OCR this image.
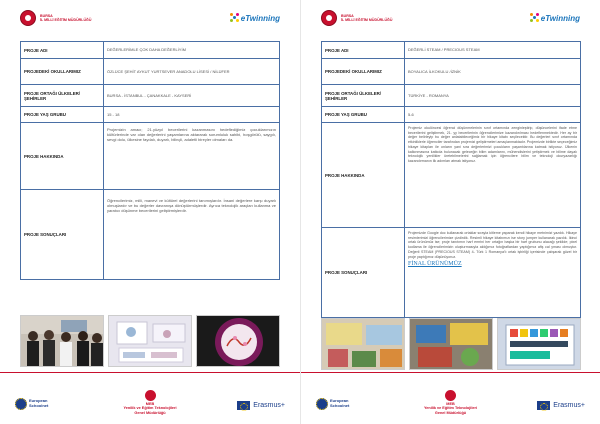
BURSA
İL MİLLİ EĞİTİM MÜDÜRLÜĞÜ	eTwinning
PROJE ADI	DEĞERLERİMLE ÇOK DAHA DEĞERLİYİM
PROJEDEKİ OKULLARIMIZ	ÖZLÜCE ŞEHİT AYKUT YURTSEVER ANADOLU LİSESİ / NİLÜFER
PROJE ORTAĞI ÜLKELER/ŞEHİRLER	BURSA - İSTANBUL - ÇANAKKALE - KAYSERİ
PROJE YAŞ GRUBU	15 - 18
PROJE HAKKINDA	Projemizin amacı; 21.yüzyıl becerilerini kazanmasını hedeflediğimiz çocuklarımızın kültürlerinde var olan değerlerini yaşamlarına aktararak sorumluluk sahibi, hoşgörülü, saygılı, sevgi dolu, ülkesine faydalı, duyarlı, bilinçli, adaletli bireyler olmaları da.
PROJE SONUÇLARI	Öğrencilerimiz, milli, manevi ve kültürel değerlerini tanımışlardır. İnsani değerlere karşı duyarlı olmuşlardır ve bu değerler davranışa dönüştürmüşlerdir. Ayrıca teknolojik araçları kullanma ve yaratıcı düşünme becerilerini geliştirmişlerdir.
European
Schoolnet	MEB
Yenilik ve Eğitim Teknolojileri
Genel Müdürlüğü
Erasmus+
BURSA
İL MİLLİ EĞİTİM MÜDÜRLÜĞÜ	eTwinning
PROJE ADI	DEĞERLİ STEAM / PRECIOUS STEAM
PROJEDEKİ OKULLARIMIZ	BOYALICA İLKOKULU /İZNİK
PROJE ORTAĞI ÜLKELER/ŞEHİRLER	TÜRKİYE - ROMANYA
PROJE YAŞ GRUBU	5-6
PROJE HAKKINDA	Projemiz okulöncesi öğrenci düşünmelerinin sınıf ortamında zenginleştirip, düşüncelerini ifade etme becerilerini geliştirmek, 21. yy becerilerinin öğrencilerimize kazandırılması hedeflenmektedir. Her ay bir değer belirleyip bu değer anlatabileceğimiz bir hikaye kitabı seçilecektir. Bu değerleri sınıf ortamında etkinliklerle öğrenciler tarafından projemizi geliştirmeleri amaçlanmaktadır. Projemizde birlikte seçeceğimiz hikaye kitapları ile onların yani sıra değerlerimizi çocukların yaşantılarına katmak istiyoruz. Ülkenin kalkınmasına katkıda bulunacak geleceğin bilim adamlarını, mühendislerini yetiştirmek ve bilime dayalı teknolojik yenilikler üretebilmelerini sağlamak için öğrencilere bilim ve teknoloji okuryazarlığı kazandırmanın ilk adımları atmak istiyoruz.
PROJE SONUÇLARI	Projemizde Google doc kullanarak ortaklar sırayla kitleme yaparak kendi hikaye metnimizi yazdık. Hikaye resimlerimizi öğrencilerimize çizdirdik. Resimli hikaye kitabımızı ise story jumper kullanarak yazdık. Ikinci ortak ürünümüz ise; proje tanıtımın harf emrini her ortağın başka bir harf grubunu alacağı şekilde; pixel kodlama ile öğrencilerimizin oluşturmasıyla aldığımız fotoğraflardan yaptığımız afiş cal yması olmuştur. Değerli STEAM (PRECIOUS STEAM) 4- Türk 1 Romanya'lı ortak işbirliği içerisinde çalışarak güzel bir proje yaptığımız düşünüyoruz.
FİNAL ÜRÜNÜMÜZ
European
Schoolnet	MEB
Yenilik ve Eğitim Teknolojileri
Genel Müdürlüğü
Erasmus+
